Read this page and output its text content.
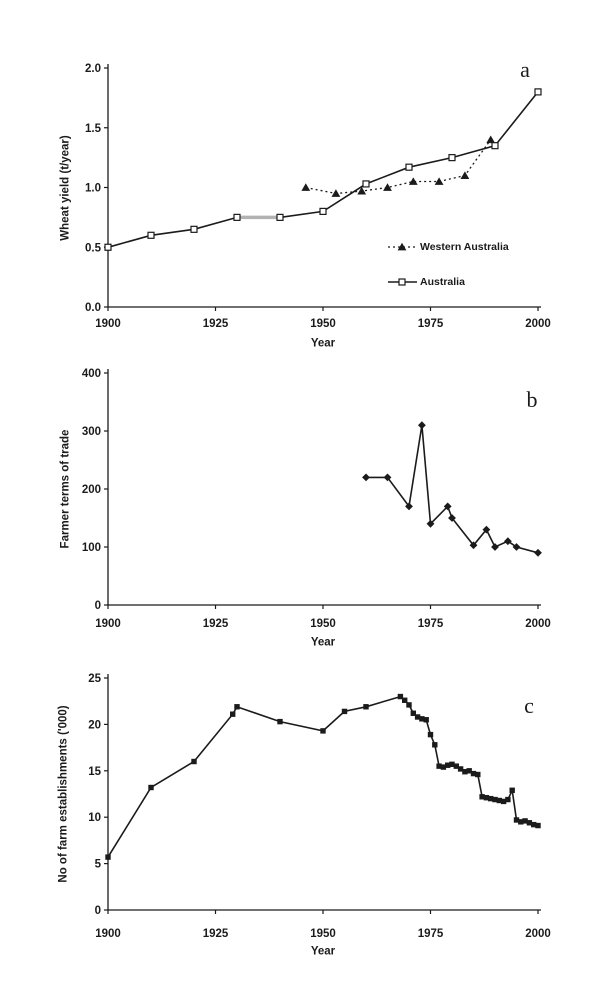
1900	1925	1950	1975	2000
0.0
0.5
1.0
1.5
2.0
1900	1925	1950	1975	2000
0
100
200
300
400
1900	1925	1950	1975	2000
0
5
10
15
20
25
Wheat yield (t/year)
Farmer terms of trade
No of farm establishments ('000)
Year
Year
Year
a
b
c
Western Australia
Australia
